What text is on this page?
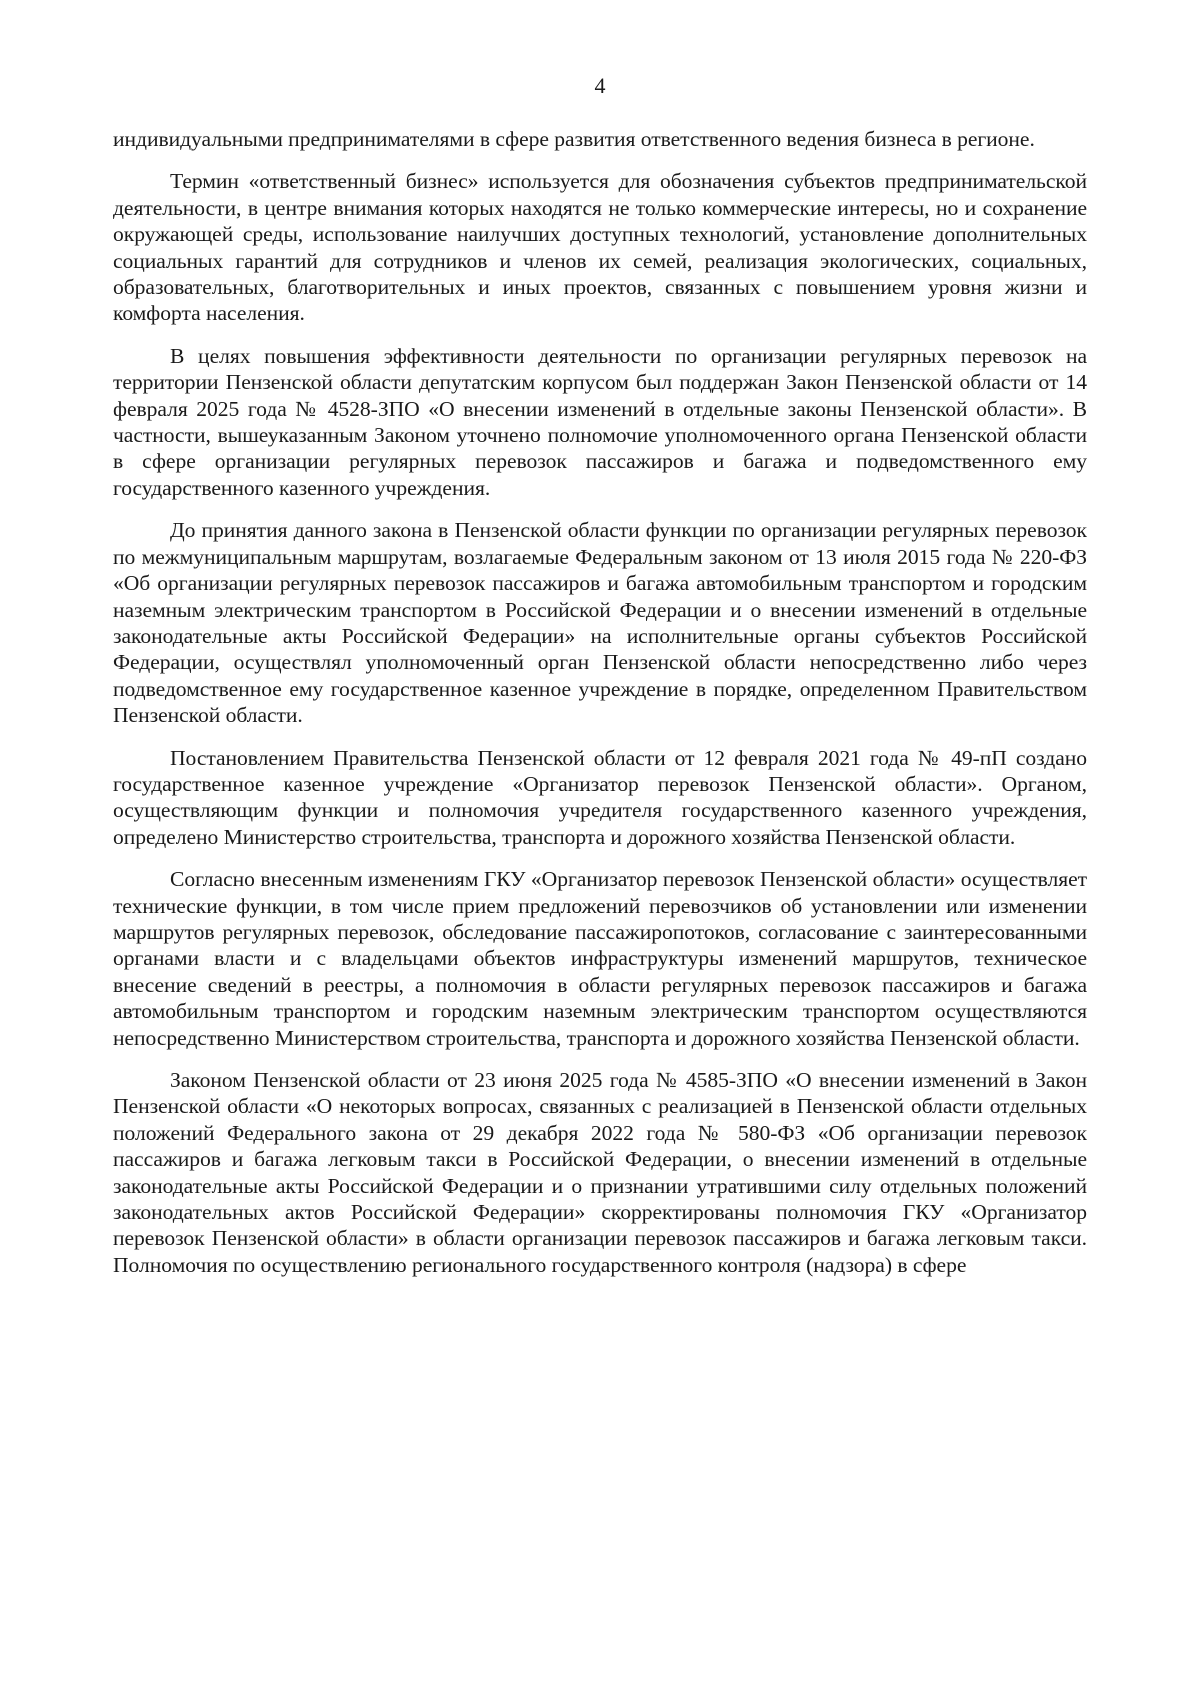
4

индивидуальными предпринимателями в сфере развития ответственного ведения бизнеса в регионе.

Термин «ответственный бизнес» используется для обозначения субъектов предпринимательской деятельности, в центре внимания которых находятся не только коммерческие интересы, но и сохранение окружающей среды, использование наилучших доступных технологий, установление дополнительных социальных гарантий для сотрудников и членов их семей, реализация экологических, социальных, образовательных, благотворительных и иных проектов, связанных с повышением уровня жизни и комфорта населения.

В целях повышения эффективности деятельности по организации регулярных перевозок на территории Пензенской области депутатским корпусом был поддержан Закон Пензенской области от 14 февраля 2025 года № 4528-ЗПО «О внесении изменений в отдельные законы Пензенской области». В частности, вышеуказанным Законом уточнено полномочие уполномоченного органа Пензенской области в сфере организации регулярных перевозок пассажиров и багажа и подведомственного ему государственного казенного учреждения.

До принятия данного закона в Пензенской области функции по организации регулярных перевозок по межмуниципальным маршрутам, возлагаемые Федеральным законом от 13 июля 2015 года № 220-ФЗ «Об организации регулярных перевозок пассажиров и багажа автомобильным транспортом и городским наземным электрическим транспортом в Российской Федерации и о внесении изменений в отдельные законодательные акты Российской Федерации» на исполнительные органы субъектов Российской Федерации, осуществлял уполномоченный орган Пензенской области непосредственно либо через подведомственное ему государственное казенное учреждение в порядке, определенном Правительством Пензенской области.

Постановлением Правительства Пензенской области от 12 февраля 2021 года № 49-пП создано государственное казенное учреждение «Организатор перевозок Пензенской области». Органом, осуществляющим функции и полномочия учредителя государственного казенного учреждения, определено Министерство строительства, транспорта и дорожного хозяйства Пензенской области.

Согласно внесенным изменениям ГКУ «Организатор перевозок Пензенской области» осуществляет технические функции, в том числе прием предложений перевозчиков об установлении или изменении маршрутов регулярных перевозок, обследование пассажиропотоков, согласование с заинтересованными органами власти и с владельцами объектов инфраструктуры изменений маршрутов, техническое внесение сведений в реестры, а полномочия в области регулярных перевозок пассажиров и багажа автомобильным транспортом и городским наземным электрическим транспортом осуществляются непосредственно Министерством строительства, транспорта и дорожного хозяйства Пензенской области.

Законом Пензенской области от 23 июня 2025 года № 4585-ЗПО «О внесении изменений в Закон Пензенской области «О некоторых вопросах, связанных с реализацией в Пензенской области отдельных положений Федерального закона от 29 декабря 2022 года № 580-ФЗ «Об организации перевозок пассажиров и багажа легковым такси в Российской Федерации, о внесении изменений в отдельные законодательные акты Российской Федерации и о признании утратившими силу отдельных положений законодательных актов Российской Федерации» скорректированы полномочия ГКУ «Организатор перевозок Пензенской области» в области организации перевозок пассажиров и багажа легковым такси. Полномочия по осуществлению регионального государственного контроля (надзора) в сфере
